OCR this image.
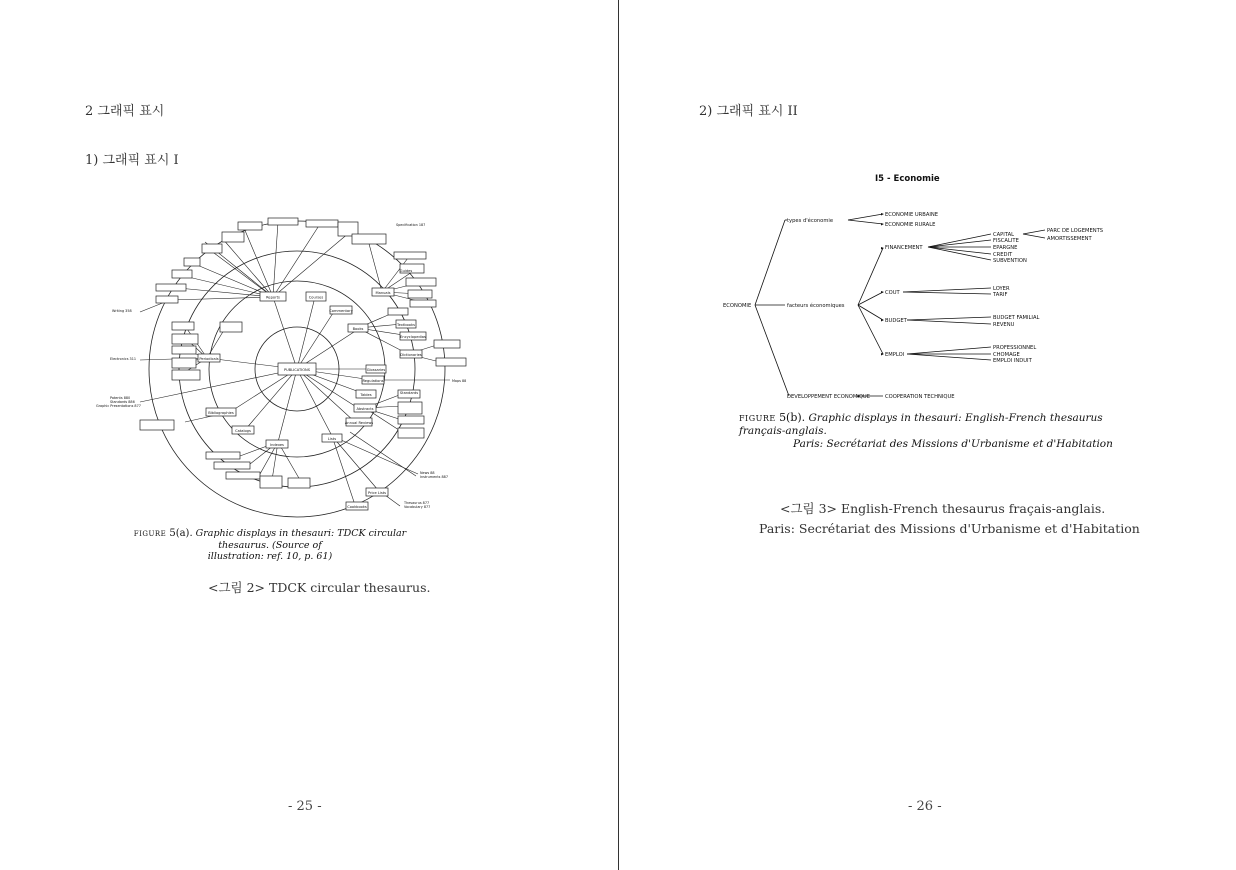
2 그래픽 표시
1) 그래픽 표시 I
PUBLICATIONS
Reports	Courses
Commentary
Books
Manuals
Periodicals
Glossaries
Regulations
Tables
Abstracts
Annual Reviews
Lists
Indexes
Catalogs
Bibliographies
Guides
Textbooks
Encyclopedias
Dictionaries
Price Lists
Cookbooks
Standards
Writing 358
Electronics 311
Patents 880
Standards 886
Graphic Presentations 877
Maps 88
Specification 187
News 88
Instruments 887
Thesaurus 877
Vocabulary 877
FIGURE 5(a). Graphic displays in thesauri: TDCK circular thesaurus. (Source of
illustration: ref. 10, p. 61)
<그림 2> TDCK circular thesaurus.
- 25 -
2) 그래픽 표시 II
I5 - Economie
ECONOMIE
types d'économie
facteurs économiques
DEVELOPPEMENT ECONOMIQUE
ECONOMIE URBAINE
ECONOMIE RURALE
FINANCEMENT
CAPITAL
FISCALITE
EPARGNE
CREDIT
SUBVENTION
PARC DE LOGEMENTS
AMORTISSEMENT
COUT
LOYER
TARIF
BUDGET	BUDGET FAMILIAL
REVENU
EMPLOI
PROFESSIONNEL
CHOMAGE
EMPLOI INDUIT
COOPERATION TECHNIQUE
FIGURE 5(b). Graphic displays in thesauri: English-French thesaurus français-anglais.
Paris: Secrétariat des Missions d'Urbanisme et d'Habitation
<그림 3> English-French thesaurus fraçais-anglais.
Paris: Secrétariat des Missions d'Urbanisme et d'Habitation
- 26 -
